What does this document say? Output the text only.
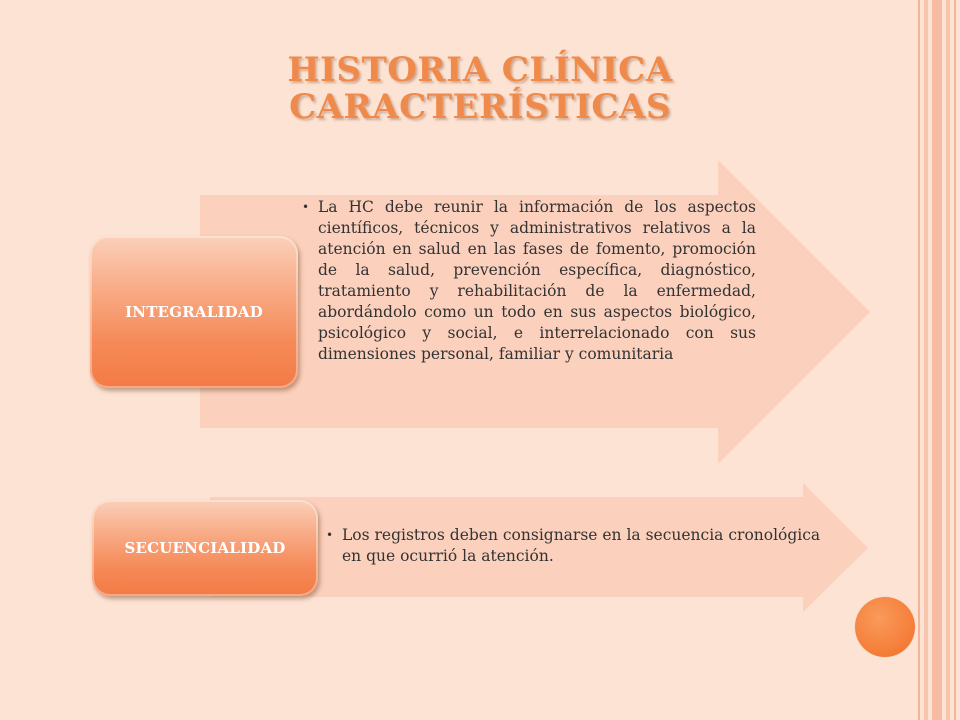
HISTORIA CLÍNICA
CARACTERÍSTICAS
INTEGRALIDAD
• La HC debe reunir la información de los aspectos científicos, técnicos y administrativos relativos a la atención en salud en las fases de fomento, promoción de la salud, prevención específica, diagnóstico, tratamiento y rehabilitación de la enfermedad, abordándolo como un todo en sus aspectos biológico, psicológico y social, e interrelacionado con sus dimensiones personal, familiar y comunitaria
SECUENCIALIDAD
• Los registros deben consignarse en la secuencia cronológica en que ocurrió la atención.
